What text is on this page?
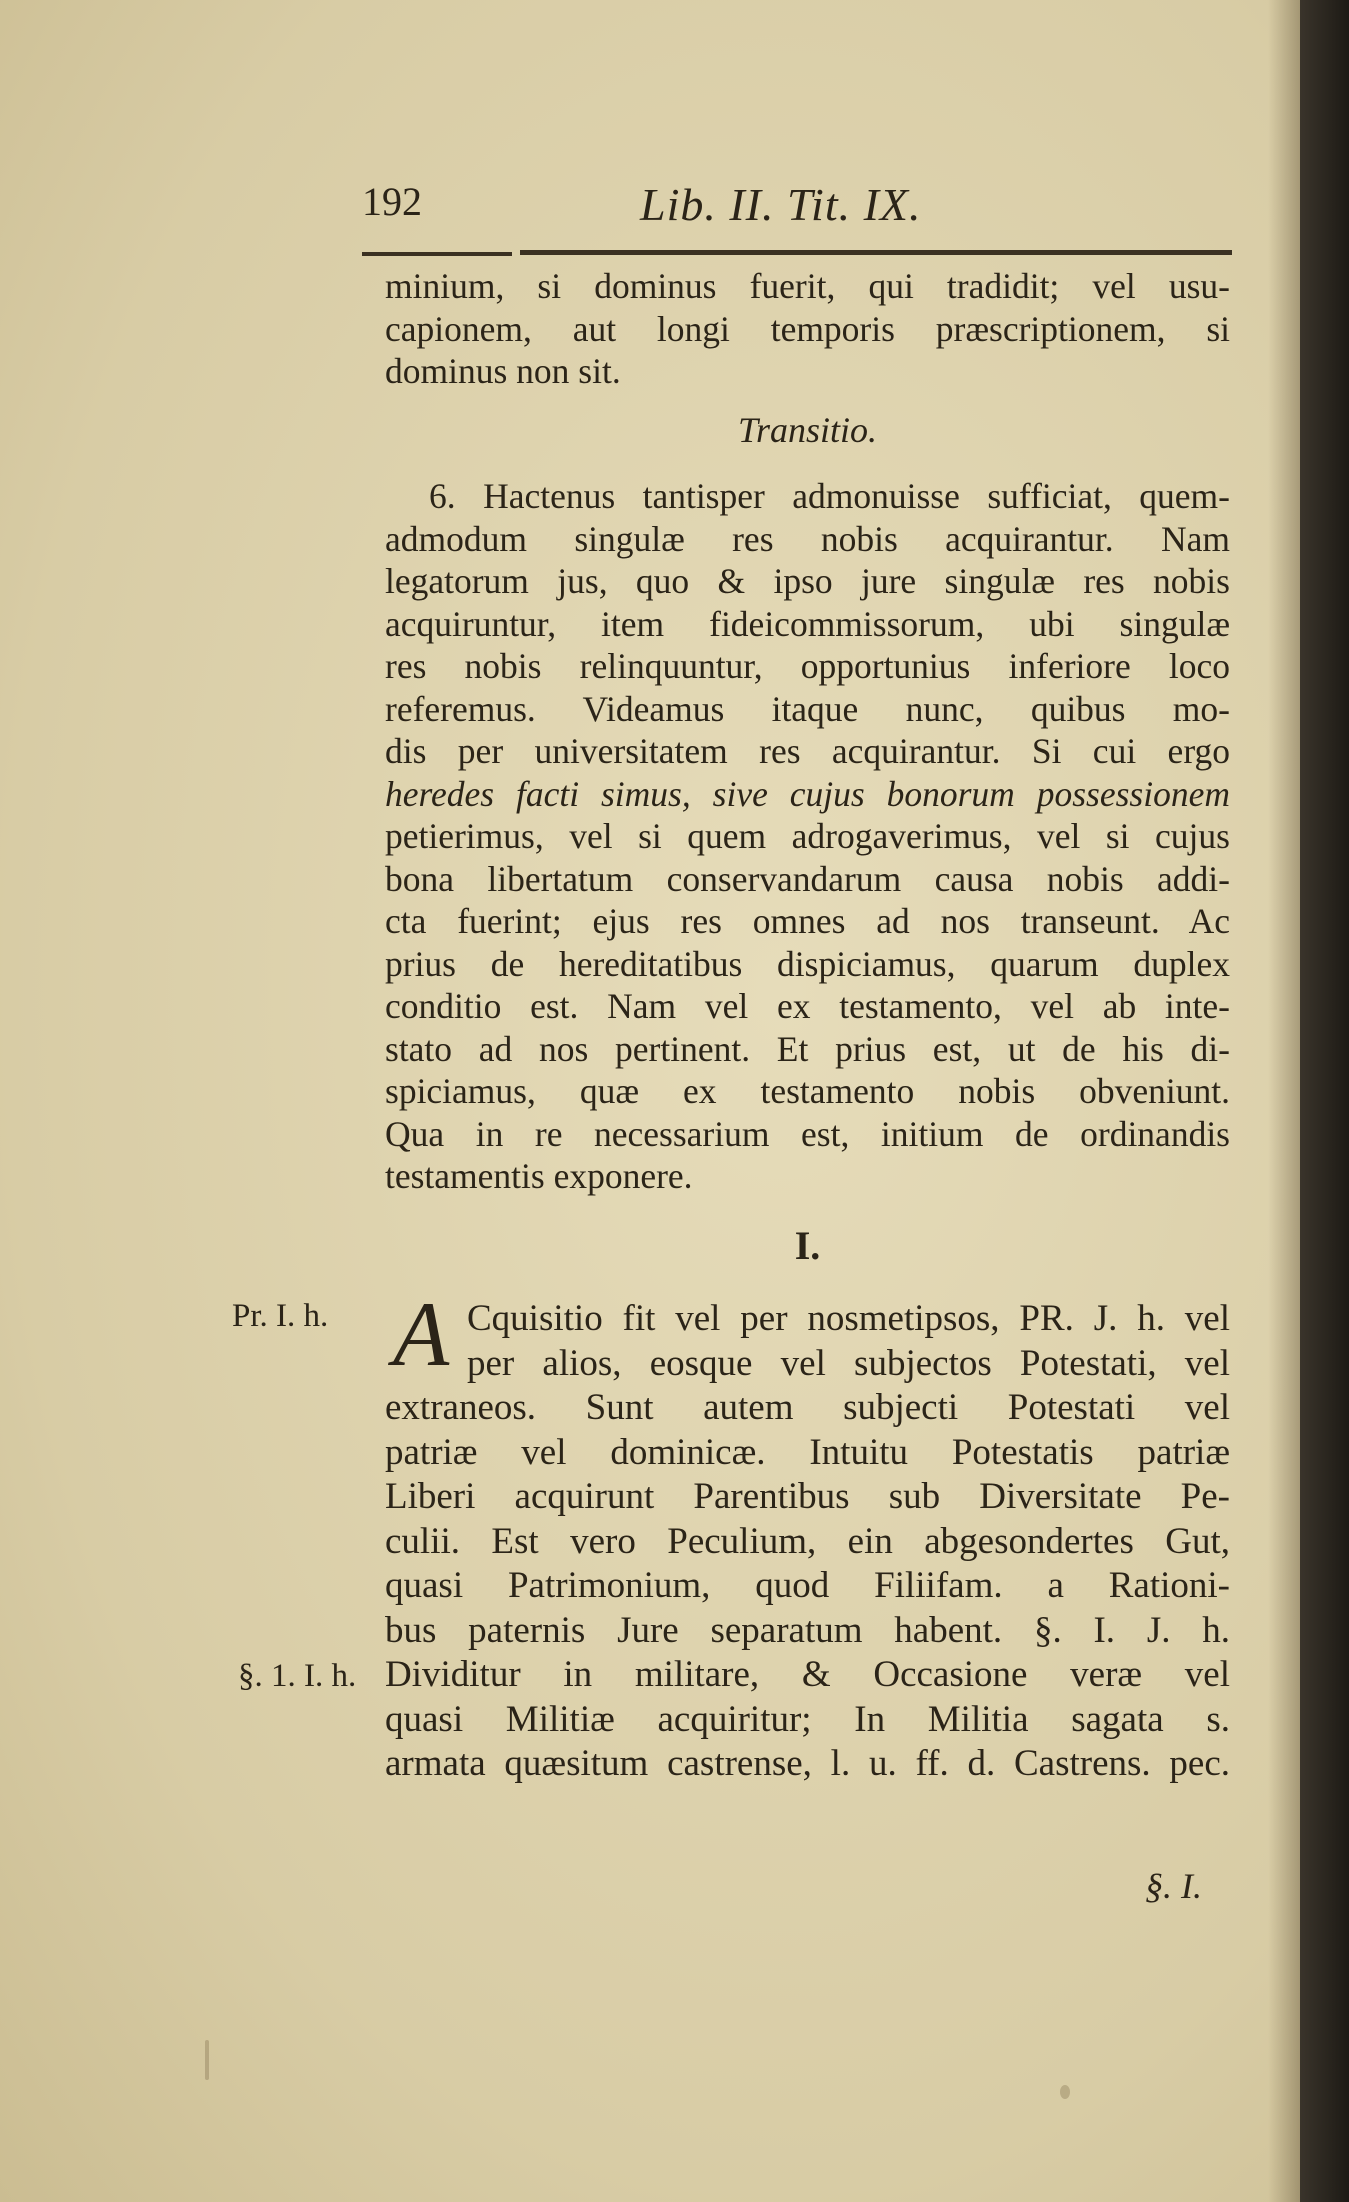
192	Lib. II. Tit. IX.
minium, si dominus fuerit, qui tradidit; vel usu-
capionem, aut longi temporis præscriptionem, si
dominus non sit.
Transitio.
6. Hactenus tantisper admonuisse sufficiat, quem-
admodum singulæ res nobis acquirantur. Nam
legatorum jus, quo & ipso jure singulæ res nobis
acquiruntur, item fideicommissorum, ubi singulæ
res nobis relinquuntur, opportunius inferiore loco
referemus. Videamus itaque nunc, quibus mo-
dis per universitatem res acquirantur. Si cui ergo
heredes facti simus, sive cujus bonorum possessionem
petierimus, vel si quem adrogaverimus, vel si cujus
bona libertatum conservandarum causa nobis addi-
cta fuerint; ejus res omnes ad nos transeunt. Ac
prius de hereditatibus dispiciamus, quarum duplex
conditio est. Nam vel ex testamento, vel ab inte-
stato ad nos pertinent. Et prius est, ut de his di-
spiciamus, quæ ex testamento nobis obveniunt.
Qua in re necessarium est, initium de ordinandis
testamentis exponere.
I.
Pr. I. h.
§. 1. I. h.
A Cquisitio fit vel per nosmetipsos, PR. J. h. vel
per alios, eosque vel subjectos Potestati, vel
extraneos. Sunt autem subjecti Potestati vel
patriæ vel dominicæ. Intuitu Potestatis patriæ
Liberi acquirunt Parentibus sub Diversitate Pe-
culii. Est vero Peculium, ein abgesondertes Gut,
quasi Patrimonium, quod Filiifam. a Rationi-
bus paternis Jure separatum habent. §. I. J. h.
Dividitur in militare, & Occasione veræ vel
quasi Militiæ acquiritur; In Militia sagata s.
armata quæsitum castrense, l. u. ff. d. Castrens. pec.
§. I.
